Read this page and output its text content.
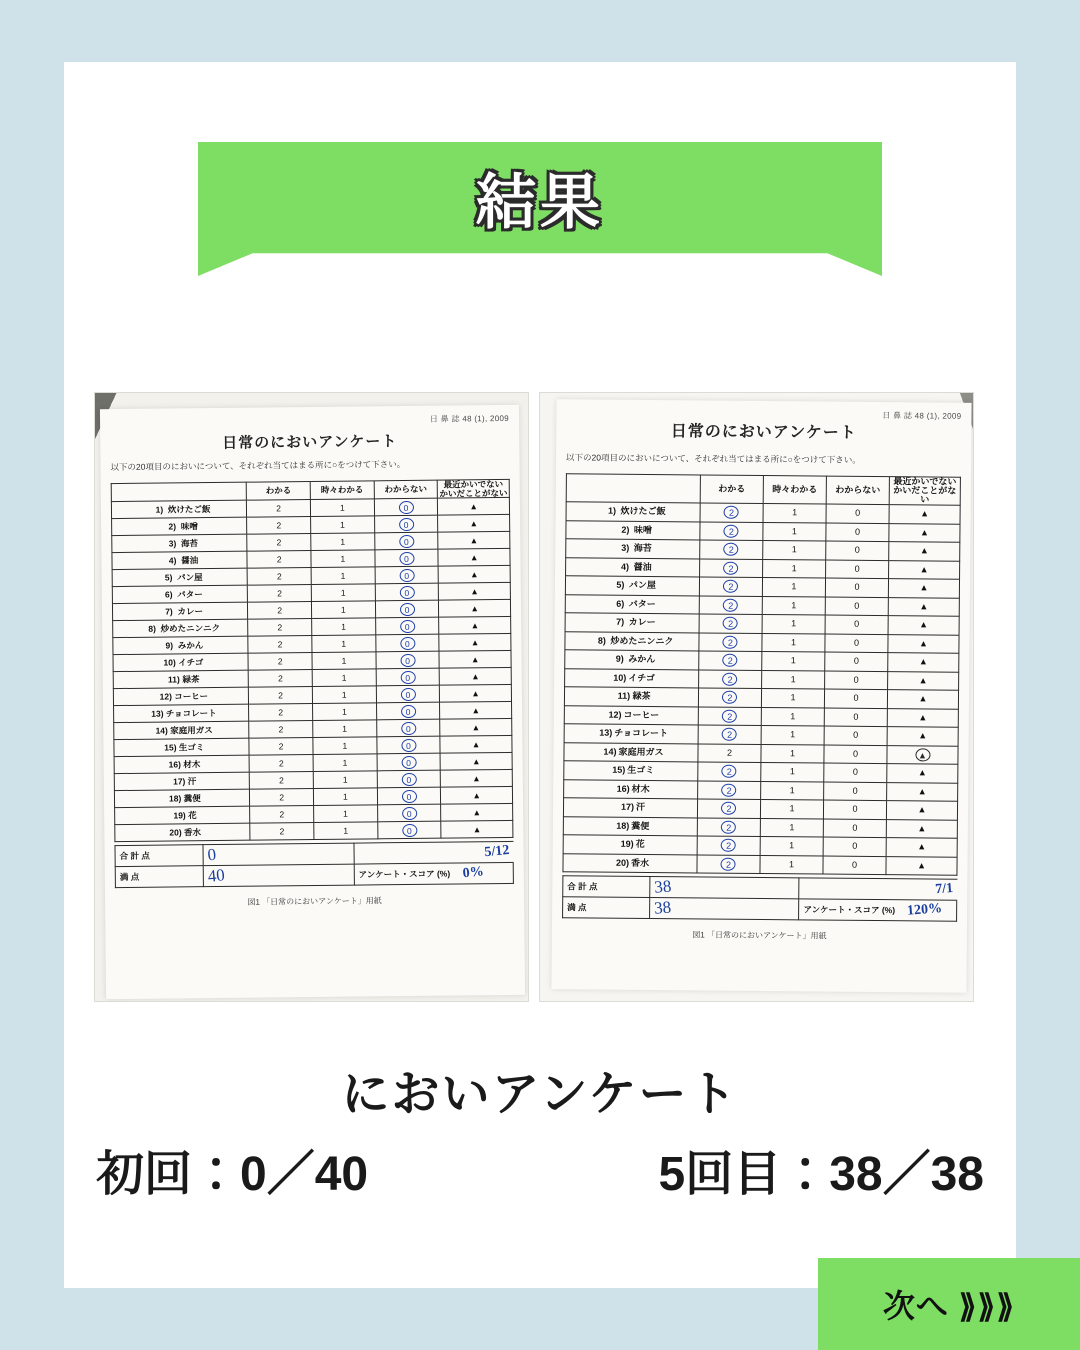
結果
日 鼻 誌 48 (1), 2009
日常のにおいアンケート
以下の20項目のにおいについて、それぞれ当てはまる所に○をつけて下さい。
	わかる	時々わかる	わからない	最近かいでない
かいだことがない

1) 炊けたご飯	2	1	0	▲
2) 味噌	2	1	0	▲
3) 海苔	2	1	0	▲
4) 醤油	2	1	0	▲
5) パン屋	2	1	0	▲
6) バター	2	1	0	▲
7) カレー	2	1	0	▲
8) 炒めたニンニク	2	1	0	▲
9) みかん	2	1	0	▲
10) イチゴ	2	1	0	▲
11) 緑茶	2	1	0	▲
12) コーヒー	2	1	0	▲
13) チョコレート	2	1	0	▲
14) 家庭用ガス	2	1	0	▲
15) 生ゴミ	2	1	0	▲
16) 材木	2	1	0	▲
17) 汗	2	1	0	▲
18) 糞便	2	1	0	▲
19) 花	2	1	0	▲
20) 香水	2	1	0	▲
合 計 点	0	5/12
満 点	40	アンケート・スコア (%) 0%
図1 「日常のにおいアンケート」用紙
日 鼻 誌 48 (1), 2009
日常のにおいアンケート
以下の20項目のにおいについて、それぞれ当てはまる所に○をつけて下さい。
	わかる	時々わかる	わからない	最近かいでない
かいだことがない

1) 炊けたご飯	2	1	0	▲
2) 味噌	2	1	0	▲
3) 海苔	2	1	0	▲
4) 醤油	2	1	0	▲
5) パン屋	2	1	0	▲
6) バター	2	1	0	▲
7) カレー	2	1	0	▲
8) 炒めたニンニク	2	1	0	▲
9) みかん	2	1	0	▲
10) イチゴ	2	1	0	▲
11) 緑茶	2	1	0	▲
12) コーヒー	2	1	0	▲
13) チョコレート	2	1	0	▲
14) 家庭用ガス	2	1	0	▲
15) 生ゴミ	2	1	0	▲
16) 材木	2	1	0	▲
17) 汗	2	1	0	▲
18) 糞便	2	1	0	▲
19) 花	2	1	0	▲
20) 香水	2	1	0	▲
合 計 点	38	7/1
満 点	38	アンケート・スコア (%) 120%
図1 「日常のにおいアンケート」用紙
においアンケート
初回：0／40	5回目：38／38
次へ ⟫⟫⟫
